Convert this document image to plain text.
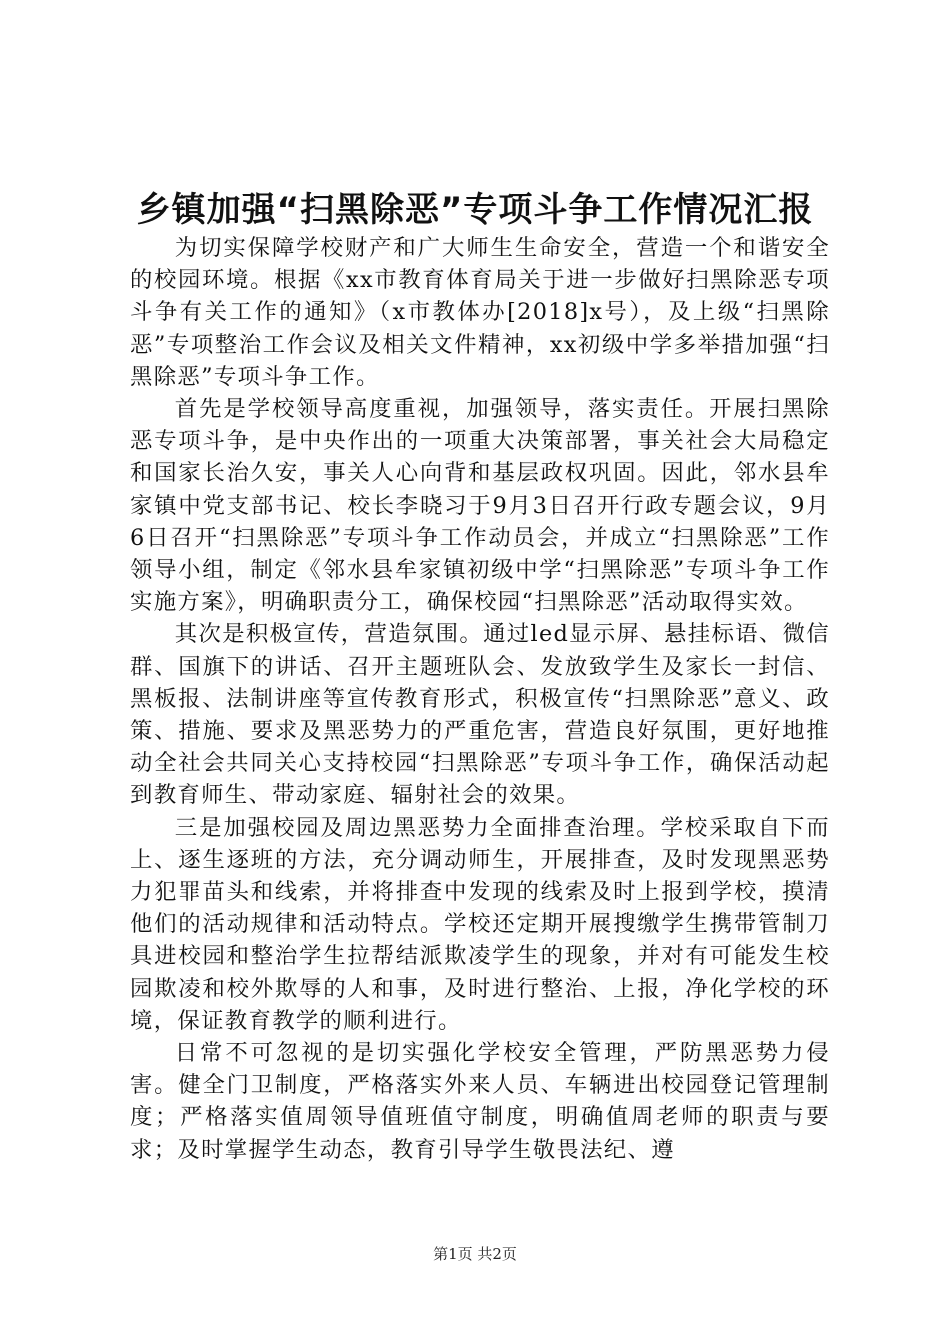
乡镇加强“扫黑除恶”专项斗争工作情况汇报

为切实保障学校财产和广大师生生命安全，营造一个和谐安全的校园环境。根据《xx市教育体育局关于进一步做好扫黑除恶专项斗争有关工作的通知》（x市教体办[2018]x号），及上级“扫黑除恶”专项整治工作会议及相关文件精神，xx初级中学多举措加强“扫黑除恶”专项斗争工作。

首先是学校领导高度重视，加强领导，落实责任。开展扫黑除恶专项斗争，是中央作出的一项重大决策部署，事关社会大局稳定和国家长治久安，事关人心向背和基层政权巩固。因此，邻水县牟家镇中党支部书记、校长李晓习于9月3日召开行政专题会议，9月6日召开“扫黑除恶”专项斗争工作动员会，并成立“扫黑除恶”工作领导小组，制定《邻水县牟家镇初级中学“扫黑除恶”专项斗争工作实施方案》，明确职责分工，确保校园“扫黑除恶”活动取得实效。

其次是积极宣传，营造氛围。通过led显示屏、悬挂标语、微信群、国旗下的讲话、召开主题班队会、发放致学生及家长一封信、黑板报、法制讲座等宣传教育形式，积极宣传“扫黑除恶”意义、政策、措施、要求及黑恶势力的严重危害，营造良好氛围，更好地推动全社会共同关心支持校园“扫黑除恶”专项斗争工作，确保活动起到教育师生、带动家庭、辐射社会的效果。

三是加强校园及周边黑恶势力全面排查治理。学校采取自下而上、逐生逐班的方法，充分调动师生，开展排查，及时发现黑恶势力犯罪苗头和线索，并将排查中发现的线索及时上报到学校，摸清他们的活动规律和活动特点。学校还定期开展搜缴学生携带管制刀具进校园和整治学生拉帮结派欺凌学生的现象，并对有可能发生校园欺凌和校外欺辱的人和事，及时进行整治、上报，净化学校的环境，保证教育教学的顺利进行。

日常不可忽视的是切实强化学校安全管理，严防黑恶势力侵害。健全门卫制度，严格落实外来人员、车辆进出校园登记管理制度；严格落实值周领导值班值守制度，明确值周老师的职责与要求；及时掌握学生动态，教育引导学生敬畏法纪、遵

第1页 共2页
